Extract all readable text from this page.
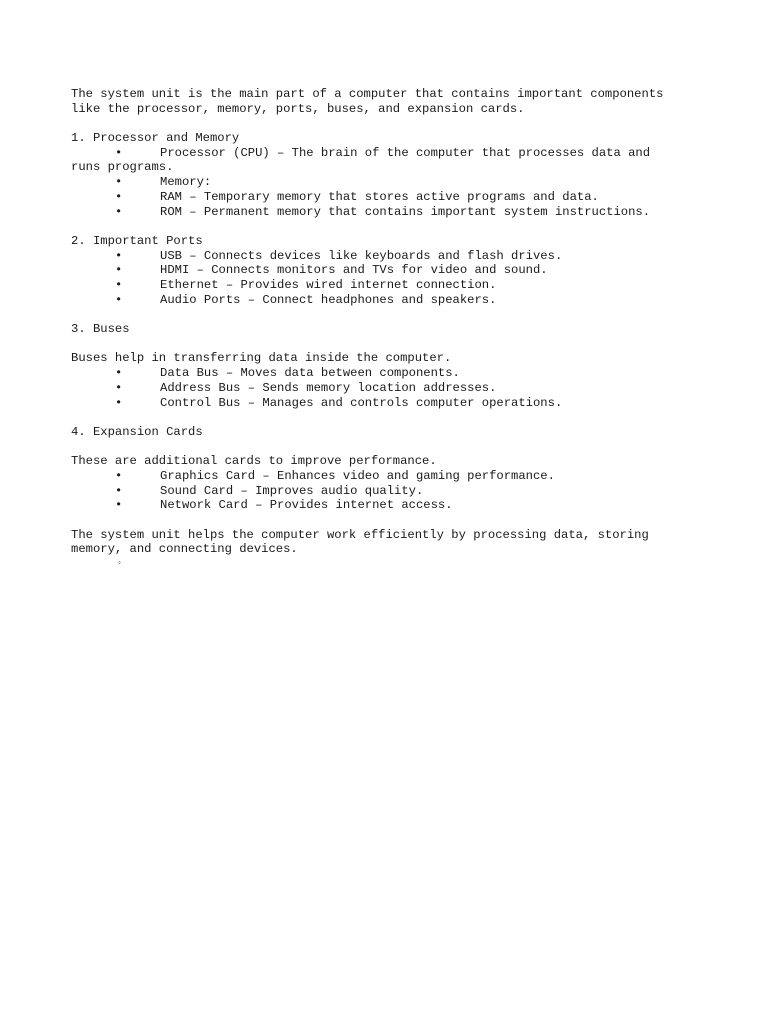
The system unit is the main part of a computer that contains important components

like the processor, memory, ports, buses, and expansion cards.

1. Processor and Memory

•

	Processor (CPU) – The brain of the computer that processes data and

runs programs.

•

	Memory:

•

	RAM – Temporary memory that stores active programs and data.

•

	ROM – Permanent memory that contains important system instructions.

2. Important Ports

•

	USB – Connects devices like keyboards and flash drives.

•

	HDMI – Connects monitors and TVs for video and sound.

•

	Ethernet – Provides wired internet connection.

•

	Audio Ports – Connect headphones and speakers.

3. Buses

Buses help in transferring data inside the computer.

•

	Data Bus – Moves data between components.

•

	Address Bus – Sends memory location addresses.

•

	Control Bus – Manages and controls computer operations.

4. Expansion Cards

These are additional cards to improve performance.

•

	Graphics Card – Enhances video and gaming performance.

•

	Sound Card – Improves audio quality.

•

	Network Card – Provides internet access.

The system unit helps the computer work efficiently by processing data, storing

memory, and connecting devices.

◦
